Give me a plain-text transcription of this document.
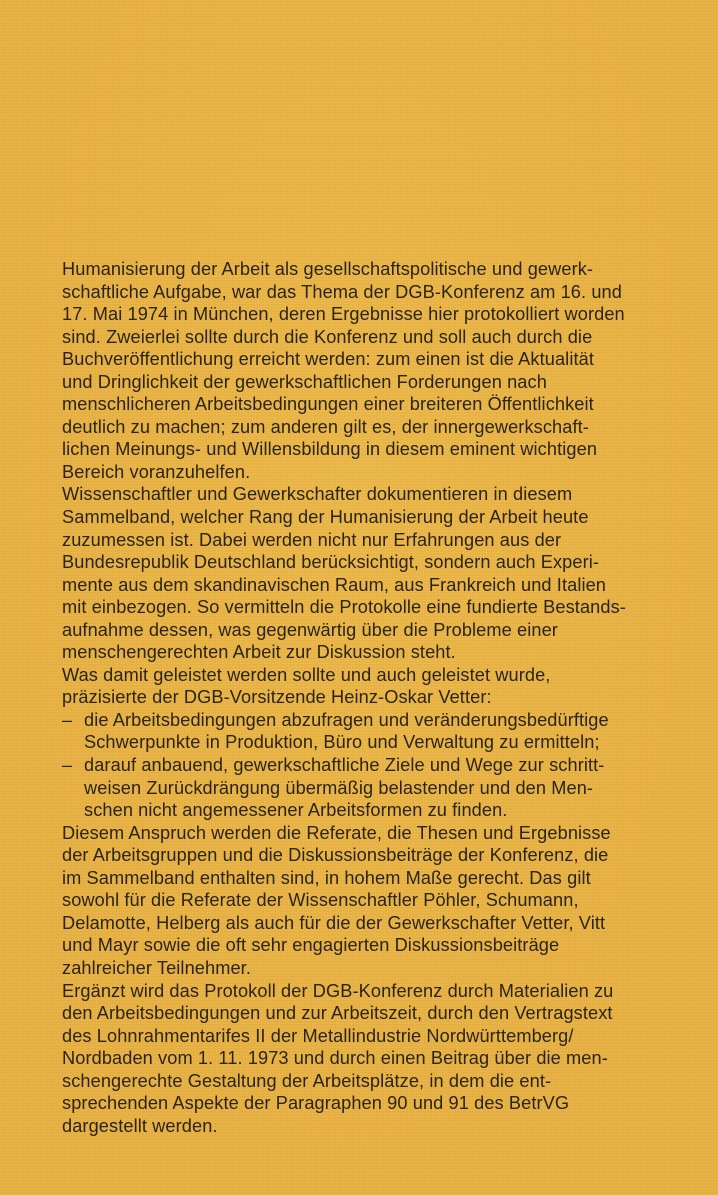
Humanisierung der Arbeit als gesellschaftspolitische und gewerk-
schaftliche Aufgabe, war das Thema der DGB-Konferenz am 16. und
17. Mai 1974 in München, deren Ergebnisse hier protokolliert worden
sind. Zweierlei sollte durch die Konferenz und soll auch durch die
Buchveröffentlichung erreicht werden: zum einen ist die Aktualität
und Dringlichkeit der gewerkschaftlichen Forderungen nach
menschlicheren Arbeitsbedingungen einer breiteren Öffentlichkeit
deutlich zu machen; zum anderen gilt es, der innergewerkschaft-
lichen Meinungs- und Willensbildung in diesem eminent wichtigen
Bereich voranzuhelfen.
Wissenschaftler und Gewerkschafter dokumentieren in diesem
Sammelband, welcher Rang der Humanisierung der Arbeit heute
zuzumessen ist. Dabei werden nicht nur Erfahrungen aus der
Bundesrepublik Deutschland berücksichtigt, sondern auch Experi-
mente aus dem skandinavischen Raum, aus Frankreich und Italien
mit einbezogen. So vermitteln die Protokolle eine fundierte Bestands-
aufnahme dessen, was gegenwärtig über die Probleme einer
menschengerechten Arbeit zur Diskussion steht.
Was damit geleistet werden sollte und auch geleistet wurde,
präzisierte der DGB-Vorsitzende Heinz-Oskar Vetter:
– die Arbeitsbedingungen abzufragen und veränderungsbedürftige
Schwerpunkte in Produktion, Büro und Verwaltung zu ermitteln;
– darauf anbauend, gewerkschaftliche Ziele und Wege zur schritt-
weisen Zurückdrängung übermäßig belastender und den Men-
schen nicht angemessener Arbeitsformen zu finden.
Diesem Anspruch werden die Referate, die Thesen und Ergebnisse
der Arbeitsgruppen und die Diskussionsbeiträge der Konferenz, die
im Sammelband enthalten sind, in hohem Maße gerecht. Das gilt
sowohl für die Referate der Wissenschaftler Pöhler, Schumann,
Delamotte, Helberg als auch für die der Gewerkschafter Vetter, Vitt
und Mayr sowie die oft sehr engagierten Diskussionsbeiträge
zahlreicher Teilnehmer.
Ergänzt wird das Protokoll der DGB-Konferenz durch Materialien zu
den Arbeitsbedingungen und zur Arbeitszeit, durch den Vertragstext
des Lohnrahmentarifes II der Metallindustrie Nordwürttemberg/
Nordbaden vom 1. 11. 1973 und durch einen Beitrag über die men-
schengerechte Gestaltung der Arbeitsplätze, in dem die ent-
sprechenden Aspekte der Paragraphen 90 und 91 des BetrVG
dargestellt werden.
